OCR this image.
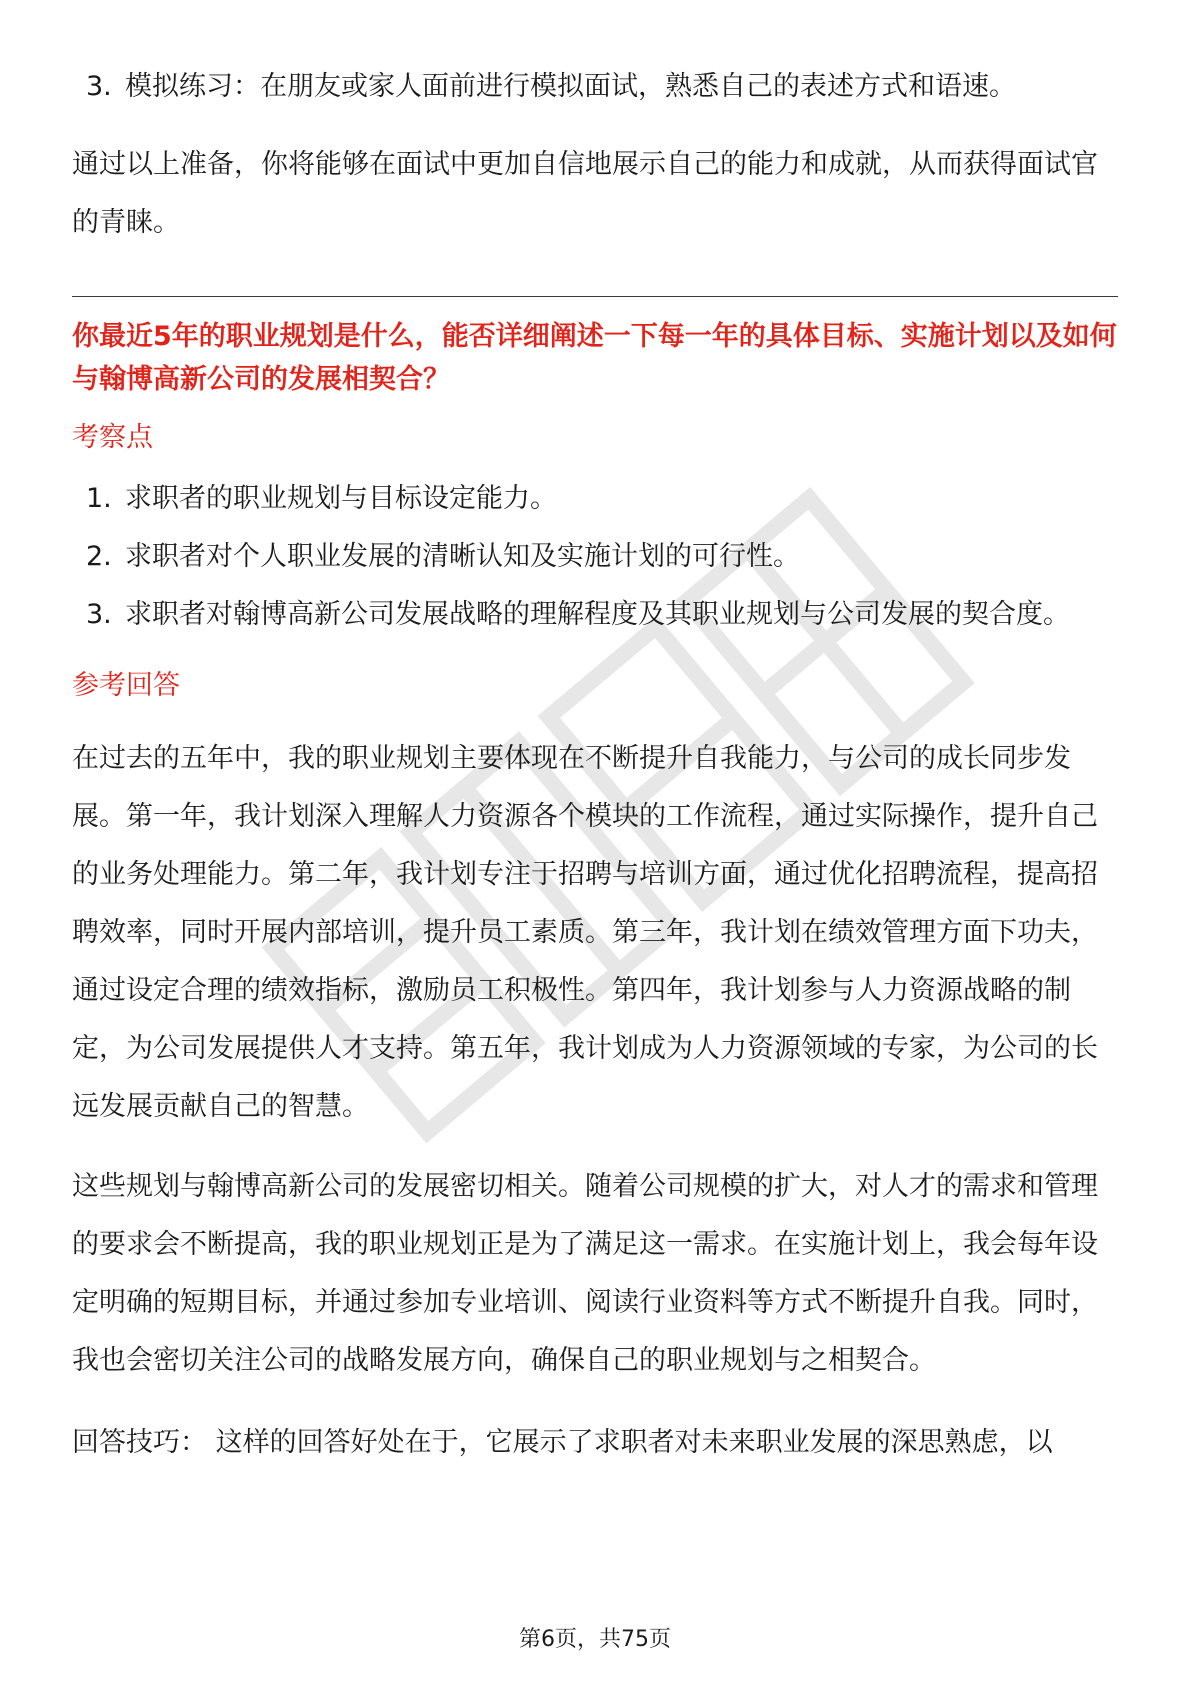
3. 模拟练习：在朋友或家人面前进行模拟面试，熟悉自己的表述方式和语速。

通过以上准备，你将能够在面试中更加自信地展示自己的能力和成就，从而获得面试官的青睐。

你最近5年的职业规划是什么，能否详细阐述一下每一年的具体目标、实施计划以及如何与翰博高新公司的发展相契合？

考察点

1. 求职者的职业规划与目标设定能力。
2. 求职者对个人职业发展的清晰认知及实施计划的可行性。
3. 求职者对翰博高新公司发展战略的理解程度及其职业规划与公司发展的契合度。

参考回答

在过去的五年中，我的职业规划主要体现在不断提升自我能力，与公司的成长同步发展。第一年，我计划深入理解人力资源各个模块的工作流程，通过实际操作，提升自己的业务处理能力。第二年，我计划专注于招聘与培训方面，通过优化招聘流程，提高招聘效率，同时开展内部培训，提升员工素质。第三年，我计划在绩效管理方面下功夫，通过设定合理的绩效指标，激励员工积极性。第四年，我计划参与人力资源战略的制定，为公司发展提供人才支持。第五年，我计划成为人力资源领域的专家，为公司的长远发展贡献自己的智慧。

这些规划与翰博高新公司的发展密切相关。随着公司规模的扩大，对人才的需求和管理的要求会不断提高，我的职业规划正是为了满足这一需求。在实施计划上，我会每年设定明确的短期目标，并通过参加专业培训、阅读行业资料等方式不断提升自我。同时，我也会密切关注公司的战略发展方向，确保自己的职业规划与之相契合。

回答技巧： 这样的回答好处在于，它展示了求职者对未来职业发展的深思熟虑，以

第6页，共75页
